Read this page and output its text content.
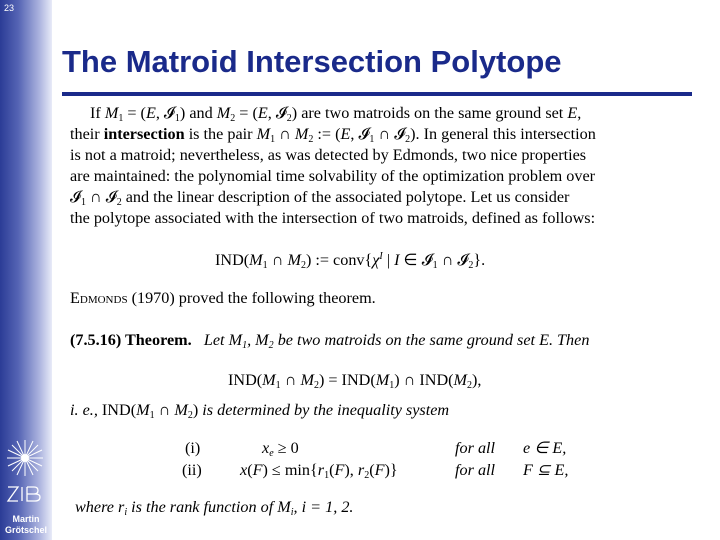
23
Martin
Grötschel
The Matroid Intersection Polytope
If $M_1 = (E$, 𝓘$_1$) and $M_2 = (E$, 𝓘$_2$) are two matroids on the same ground set E,
their intersection is the pair $M_1$ ∩ $M_2$ := (E, 𝓘$_1$ ∩ 𝓘$_2$). In general this intersection
is not a matroid; nevertheless, as was detected by Edmonds, two nice properties
are maintained: the polynomial time solvability of the optimization problem over
𝓘$_1$ ∩ 𝓘$_2$ and the linear description of the associated polytope. Let us consider
the polytope associated with the intersection of two matroids, defined as follows:
$IND(M_1$ ∩ $M_2$) := $conv\{\chi^I$ | I ∈ 𝓘$_1$ ∩ 𝓘$_2$}.
Edmonds (1970) proved the following theorem.
(7.5.16) Theorem. Let $M_1$, $M_2$ be two matroids on the same ground set E. Then
$IND(M_1$ ∩ $M_2) = IND(M_1)$ ∩ $IND(M_2)$,
i. e., $IND(M_1$ ∩ $M_2$) is determined by the inequality system
(i)	$x_e \ge 0$	for all e ∈ E,
(ii) $x(F) \le \min\{r_1(F)$, $r_2(F)$}	for all F ⊆ E,
where $r_i$ is the rank function of $M_i$, i = 1, 2.
